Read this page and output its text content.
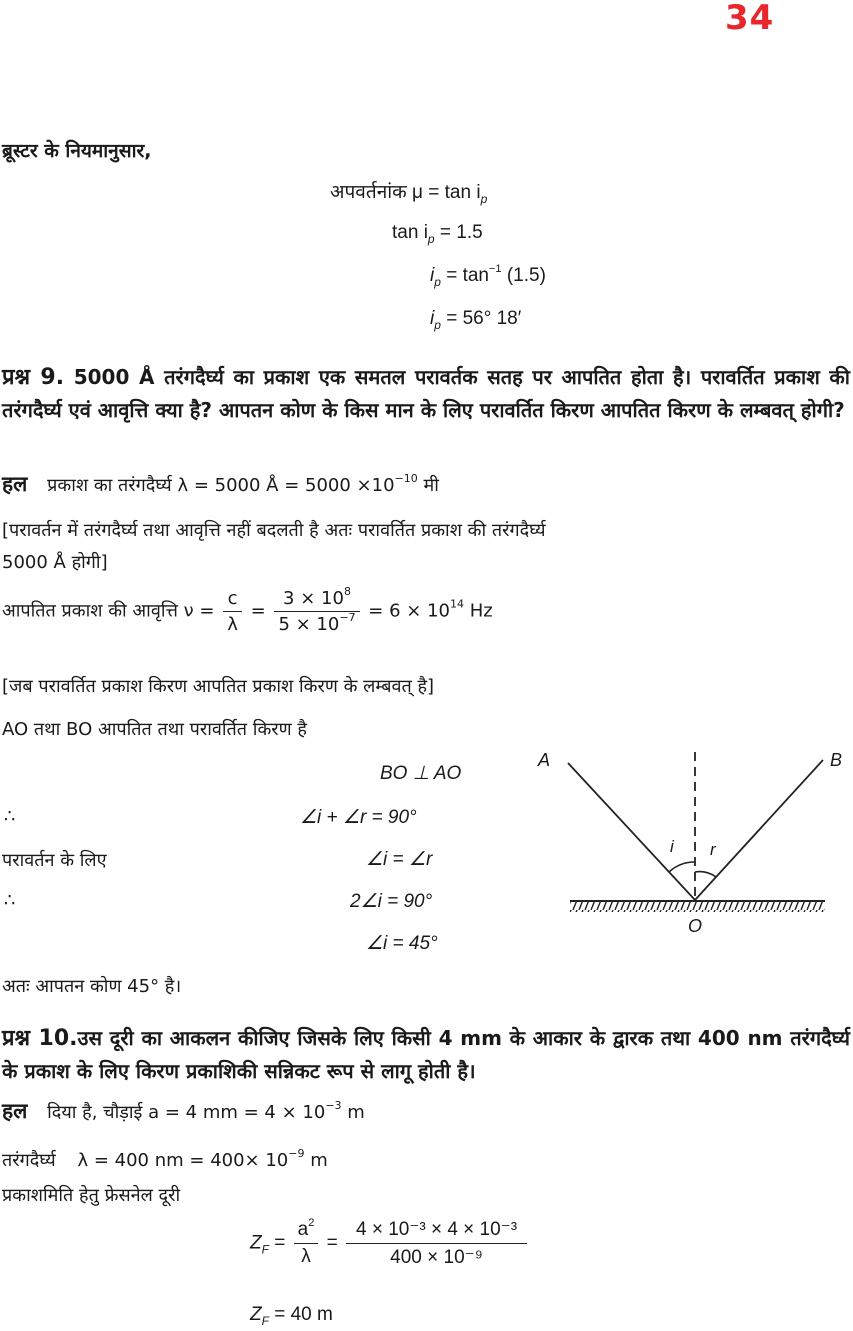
34
ब्रूस्टर के नियमानुसार,
अपवर्तनांक $\mu = \tan i_p$
$\tan i_p = 1.5$
$i_p = \tan^{-1} (1.5)$
$i_p = 56^\circ$ 18′
प्रश्न 9. 5000 Å तरंगदैर्घ्य का प्रकाश एक समतल परावर्तक सतह पर आपतित होता है। परावर्तित प्रकाश की तरंगदैर्घ्य एवं आवृत्ति क्या है? आपतन कोण के किस मान के लिए परावर्तित किरण आपतित किरण के लम्बवत् होगी?
हल प्रकाश का तरंगदैर्घ्य λ = 5000 Å = $5000 \times 10^{-10}$ मी
[परावर्तन में तरंगदैर्घ्य तथा आवृत्ति नहीं बदलती है अतः परावर्तित प्रकाश की तरंगदैर्घ्य
5000 Å होगी]
आपतित प्रकाश की आवृत्ति $\nu = \frac{c}{\lambda} = \frac{3 \times 10^8}{5 \times 10^{-7}} = 6 \times 10^{14}$ Hz
[जब परावर्तित प्रकाश किरण आपतित प्रकाश किरण के लम्बवत् है]
AO तथा BO आपतित तथा परावर्तित किरण है
BO ⊥ AO
∴	∠i + ∠r = 90°
परावर्तन के लिए	∠i = ∠r
∴	2∠i = 90°
∠i = 45°
अतः आपतन कोण 45° है।
A	B
O
i r
प्रश्न 10.उस दूरी का आकलन कीजिए जिसके लिए किसी 4 mm के आकार के द्वारक तथा 400 nm तरंगदैर्घ्य के प्रकाश के लिए किरण प्रकाशिकी सन्निकट रूप से लागू होती है।
हल दिया है, चौड़ाई a = 4 mm = $4 \times 10^{-3}$ m
तरंगदैर्घ्य λ = 400 nm = $400\times 10^{-9}$ m
प्रकाशमिति हेतु फ्रेसनेल दूरी
$Z_F = \frac{a^2}{\lambda} = \frac{\text{4 × 10⁻³ × 4 × 10⁻³}}{\text{400 × 10⁻⁹}}$
$Z_F = 40$ m
